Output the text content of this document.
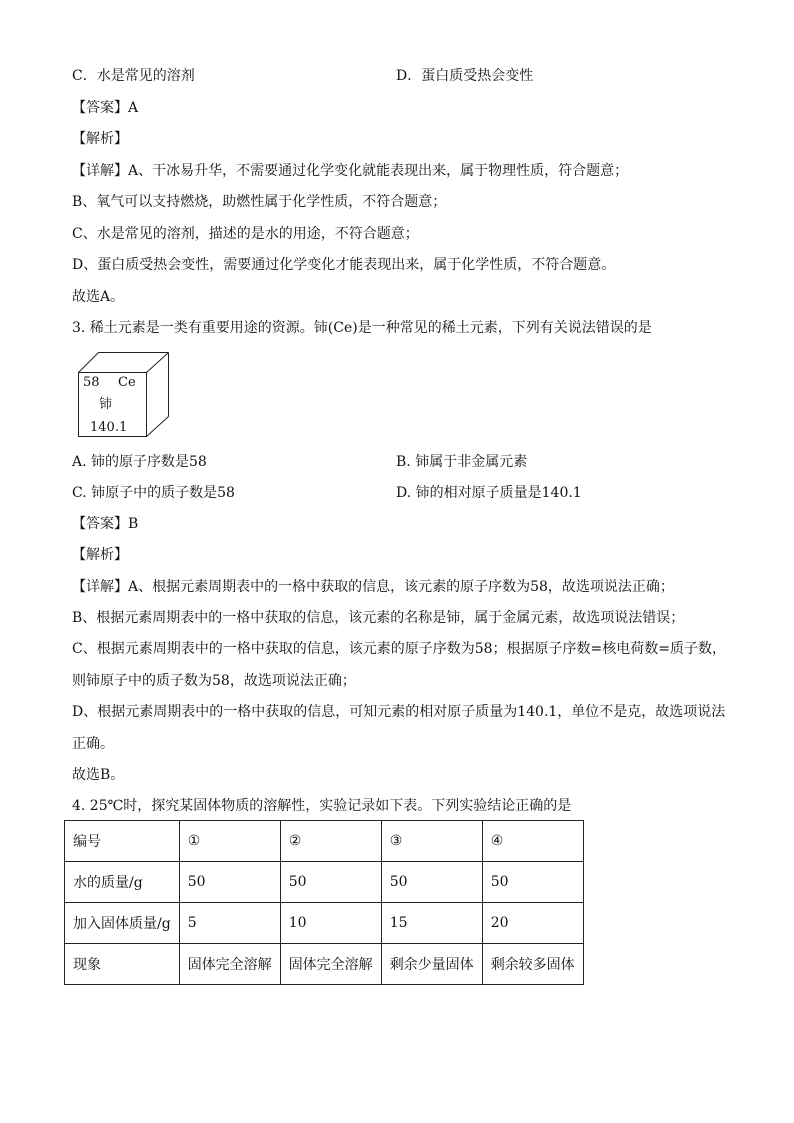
C．水是常见的溶剂	D．蛋白质受热会变性
【答案】A
【解析】
【详解】A、干冰易升华，不需要通过化学变化就能表现出来，属于物理性质，符合题意；
B、氧气可以支持燃烧，助燃性属于化学性质，不符合题意；
C、水是常见的溶剂，描述的是水的用途，不符合题意；
D、蛋白质受热会变性，需要通过化学变化才能表现出来，属于化学性质，不符合题意。
故选A。
3. 稀土元素是一类有重要用途的资源。铈(Ce)是一种常见的稀土元素，下列有关说法错误的是
58 Ce
铈
140.1
A. 铈的原子序数是58	B. 铈属于非金属元素
C. 铈原子中的质子数是58	D. 铈的相对原子质量是140.1
【答案】B
【解析】
【详解】A、根据元素周期表中的一格中获取的信息，该元素的原子序数为58，故选项说法正确；
B、根据元素周期表中的一格中获取的信息，该元素的名称是铈，属于金属元素，故选项说法错误；
C、根据元素周期表中的一格中获取的信息，该元素的原子序数为58；根据原子序数=核电荷数=质子数，
则铈原子中的质子数为58，故选项说法正确；
D、根据元素周期表中的一格中获取的信息，可知元素的相对原子质量为140.1，单位不是克，故选项说法
正确。
故选B。
4. 25℃时，探究某固体物质的溶解性，实验记录如下表。下列实验结论正确的是
编号	①	②	③	④
水的质量/g	50	50	50	50
加入固体质量/g	5	10	15	20
现象	固体完全溶解	固体完全溶解	剩余少量固体	剩余较多固体
